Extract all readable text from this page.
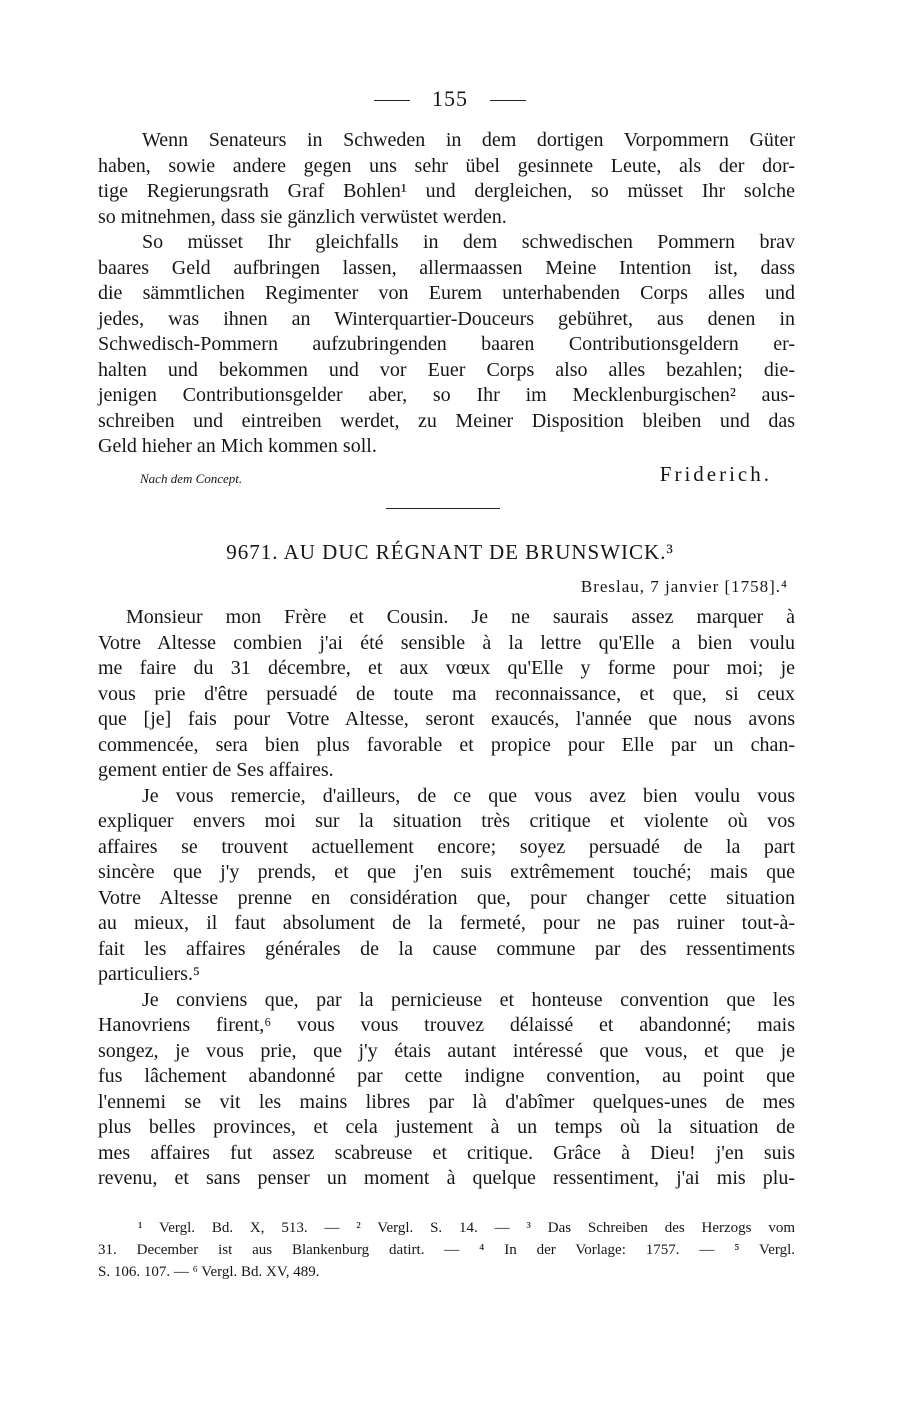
155
Wenn Senateurs in Schweden in dem dortigen Vorpommern Güter
haben, sowie andere gegen uns sehr übel gesinnete Leute, als der dor-
tige Regierungsrath Graf Bohlen¹ und dergleichen, so müsset Ihr solche
so mitnehmen, dass sie gänzlich verwüstet werden.
So müsset Ihr gleichfalls in dem schwedischen Pommern brav
baares Geld aufbringen lassen, allermaassen Meine Intention ist, dass
die sämmtlichen Regimenter von Eurem unterhabenden Corps alles und
jedes, was ihnen an Winterquartier-Douceurs gebühret, aus denen in
Schwedisch-Pommern aufzubringenden baaren Contributionsgeldern er-
halten und bekommen und vor Euer Corps also alles bezahlen; die-
jenigen Contributionsgelder aber, so Ihr im Mecklenburgischen² aus-
schreiben und eintreiben werdet, zu Meiner Disposition bleiben und das
Geld hieher an Mich kommen soll.
Nach dem Concept.	Friderich.
9671. AU DUC RÉGNANT DE BRUNSWICK.³
Breslau, 7 janvier [1758].⁴
Monsieur mon Frère et Cousin. Je ne saurais assez marquer à
Votre Altesse combien j'ai été sensible à la lettre qu'Elle a bien voulu
me faire du 31 décembre, et aux vœux qu'Elle y forme pour moi; je
vous prie d'être persuadé de toute ma reconnaissance, et que, si ceux
que [je] fais pour Votre Altesse, seront exaucés, l'année que nous avons
commencée, sera bien plus favorable et propice pour Elle par un chan-
gement entier de Ses affaires.
Je vous remercie, d'ailleurs, de ce que vous avez bien voulu vous
expliquer envers moi sur la situation très critique et violente où vos
affaires se trouvent actuellement encore; soyez persuadé de la part
sincère que j'y prends, et que j'en suis extrêmement touché; mais que
Votre Altesse prenne en considération que, pour changer cette situation
au mieux, il faut absolument de la fermeté, pour ne pas ruiner tout-à-
fait les affaires générales de la cause commune par des ressentiments
particuliers.⁵
Je conviens que, par la pernicieuse et honteuse convention que les
Hanovriens firent,⁶ vous vous trouvez délaissé et abandonné; mais
songez, je vous prie, que j'y étais autant intéressé que vous, et que je
fus lâchement abandonné par cette indigne convention, au point que
l'ennemi se vit les mains libres par là d'abîmer quelques-unes de mes
plus belles provinces, et cela justement à un temps où la situation de
mes affaires fut assez scabreuse et critique. Grâce à Dieu! j'en suis
revenu, et sans penser un moment à quelque ressentiment, j'ai mis plu-
¹ Vergl. Bd. X, 513. — ² Vergl. S. 14. — ³ Das Schreiben des Herzogs vom
31. December ist aus Blankenburg datirt. — ⁴ In der Vorlage: 1757. — ⁵ Vergl.
S. 106. 107. — ⁶ Vergl. Bd. XV, 489.
